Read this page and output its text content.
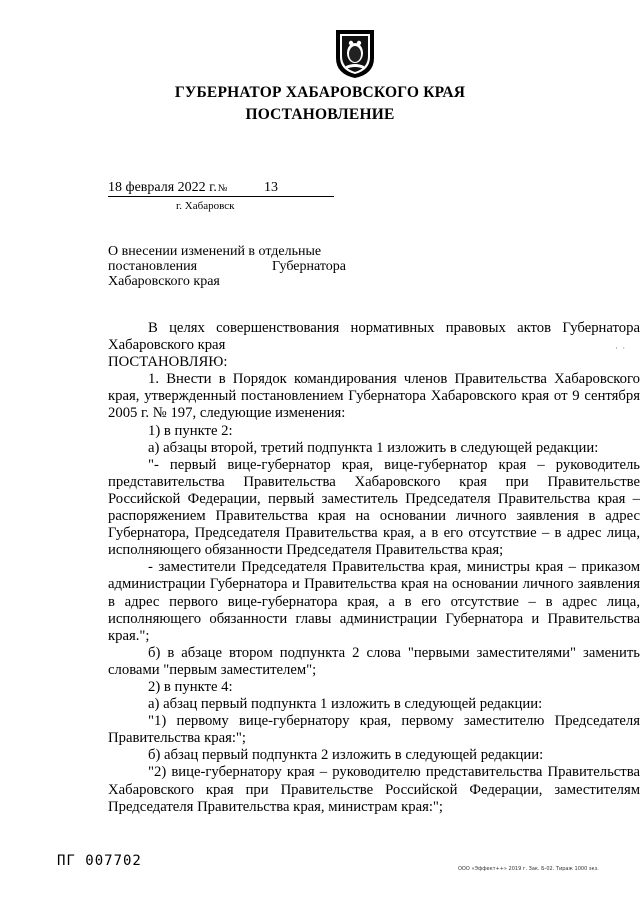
ГУБЕРНАТОР ХАБАРОВСКОГО КРАЯ
ПОСТАНОВЛЕНИЕ
18 февраля 2022 г.№	13
г. Хабаровск
О внесении изменений в отдельные
постановления	Губернатора
Хабаровского края
· ·

В целях совершенствования нормативных правовых актов Губернатора Хабаровского края

ПОСТАНОВЛЯЮ:

1. Внести в Порядок командирования членов Правительства Хабаровского края, утвержденный постановлением Губернатора Хабаровского края от 9 сентября 2005 г. № 197, следующие изменения:

1) в пункте 2:

а) абзацы второй, третий подпункта 1 изложить в следующей редакции:

"- первый вице-губернатор края, вице-губернатор края – руководитель представительства Правительства Хабаровского края при Правительстве Российской Федерации, первый заместитель Председателя Правительства края – распоряжением Правительства края на основании личного заявления в адрес Губернатора, Председателя Правительства края, а в его отсутствие – в адрес лица, исполняющего обязанности Председателя Правительства края;

- заместители Председателя Правительства края, министры края – приказом администрации Губернатора и Правительства края на основании личного заявления в адрес первого вице-губернатора края, а в его отсутствие – в адрес лица, исполняющего обязанности главы администрации Губернатора и Правительства края.";

б) в абзаце втором подпункта 2 слова "первыми заместителями" заменить словами "первым заместителем";

2) в пункте 4:

а) абзац первый подпункта 1 изложить в следующей редакции:

"1) первому вице-губернатору края, первому заместителю Председателя Правительства края:";

б) абзац первый подпункта 2 изложить в следующей редакции:

"2) вице-губернатору края – руководителю представительства Правительства Хабаровского края при Правительстве Российской Федерации, заместителям Председателя Правительства края, министрам края:";

ПГ 007702	ООО «Эффект++» 2019 г. Зак. Б-02. Тираж 1000 экз.
